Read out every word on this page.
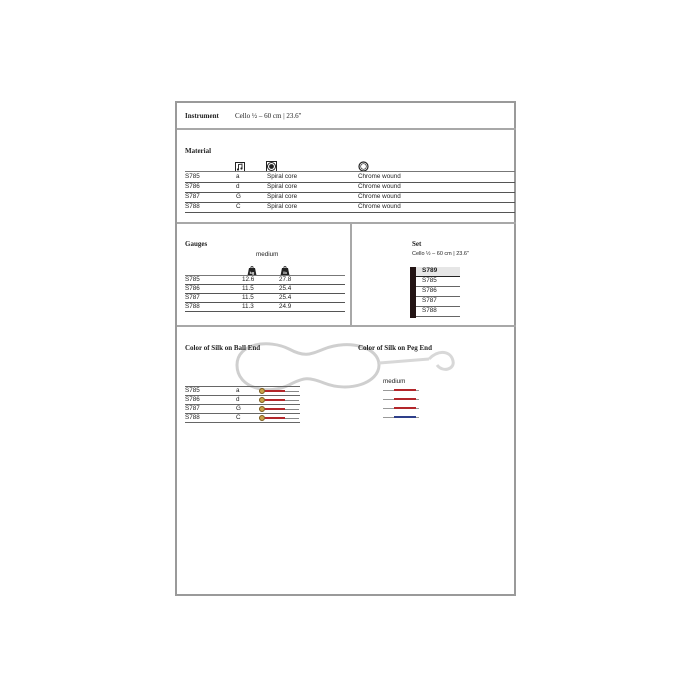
Instrument Cello ½ – 60 cm | 23.6"
Material
S785	a	Spiral core	Chrome wound
S786	d	Spiral core	Chrome wound
S787	G	Spiral core	Chrome wound
S788	C	Spiral core	Chrome wound
Gauges
medium
kg	lb
S785	12.6	27.8
S786	11.5	25.4
S787	11.5	25.4
S788	11.3	24.9
Set
Cello ½ – 60 cm | 23.6"
S789
S785
S786
S787
S788
Color of Silk on Ball End	Color of Silk on Peg End
medium
S785	a
S786	d
S787	G
S788	C
